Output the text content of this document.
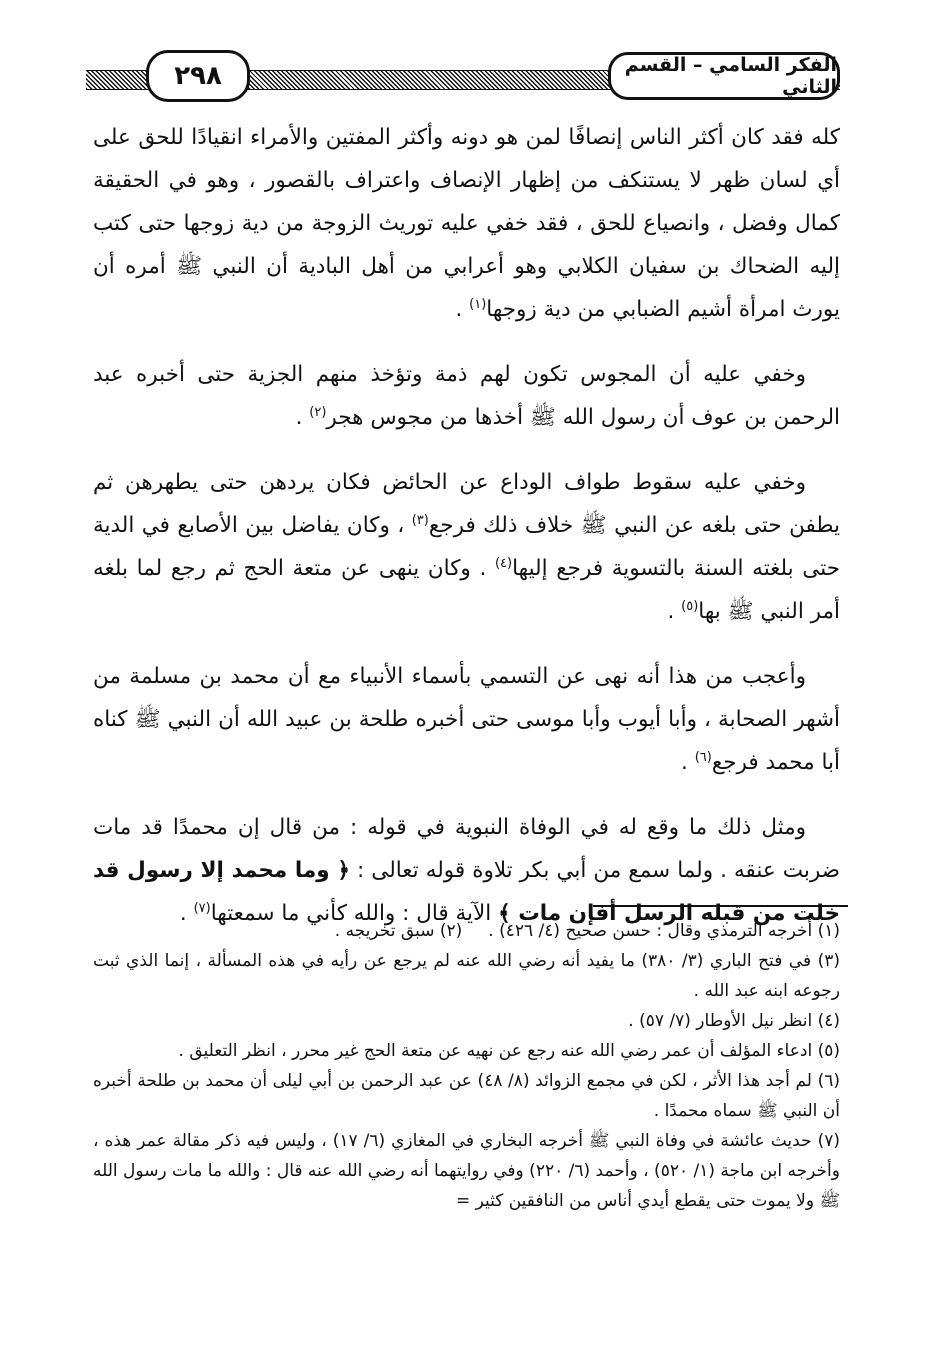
الفكر السامي – القسم الثاني
٢٩٨

كله فقد كان أكثر الناس إنصافًا لمن هو دونه وأكثر المفتين والأمراء انقيادًا للحق على أي لسان ظهر لا يستنكف من إظهار الإنصاف واعتراف بالقصور ، وهو في الحقيقة كمال وفضل ، وانصياع للحق ، فقد خفي عليه توريث الزوجة من دية زوجها حتى كتب إليه الضحاك بن سفيان الكلابي وهو أعرابي من أهل البادية أن النبي ﷺ أمره أن يورث امرأة أشيم الضبابي من دية زوجها$^{(١)}$ .

وخفي عليه أن المجوس تكون لهم ذمة وتؤخذ منهم الجزية حتى أخبره عبد الرحمن بن عوف أن رسول الله ﷺ أخذها من مجوس هجر$^{(٢)}$ .

وخفي عليه سقوط طواف الوداع عن الحائض فكان يردهن حتى يطهرهن ثم يطفن حتى بلغه عن النبي ﷺ خلاف ذلك فرجع$^{(٣)}$ ، وكان يفاضل بين الأصابع في الدية حتى بلغته السنة بالتسوية فرجع إليها$^{(٤)}$ . وكان ينهى عن متعة الحج ثم رجع لما بلغه أمر النبي ﷺ بها$^{(٥)}$ .

وأعجب من هذا أنه نهى عن التسمي بأسماء الأنبياء مع أن محمد بن مسلمة من أشهر الصحابة ، وأبا أيوب وأبا موسى حتى أخبره طلحة بن عبيد الله أن النبي ﷺ كناه أبا محمد فرجع$^{(٦)}$ .

ومثل ذلك ما وقع له في الوفاة النبوية في قوله : من قال إن محمدًا قد مات ضربت عنقه . ولما سمع من أبي بكر تلاوة قوله تعالى : ﴿ وما محمد إلا رسول قد خلت من قبله الرسل أفإن مات ﴾ الآية قال : والله كأني ما سمعتها$^{(٧)}$ .

(١) أخرجه الترمذي وقال : حسن صحيح (٤/ ٤٢٦) .
(٢) سبق تخريجه .

(٣) في فتح الباري (٣/ ٣٨٠) ما يفيد أنه رضي الله عنه لم يرجع عن رأيه في هذه المسألة ، إنما الذي ثبت رجوعه ابنه عبد الله .

(٤) انظر نيل الأوطار (٧/ ٥٧) .

(٥) ادعاء المؤلف أن عمر رضي الله عنه رجع عن نهيه عن متعة الحج غير محرر ، انظر التعليق .

(٦) لم أجد هذا الأثر ، لكن في مجمع الزوائد (٨/ ٤٨) عن عبد الرحمن بن أبي ليلى أن محمد بن طلحة أخبره أن النبي ﷺ سماه محمدًا .

(٧) حديث عائشة في وفاة النبي ﷺ أخرجه البخاري في المغازي (٦/ ١٧) ، وليس فيه ذكر مقالة عمر هذه ، وأخرجه ابن ماجة (١/ ٥٢٠) ، وأحمد (٦/ ٢٢٠) وفي روايتهما أنه رضي الله عنه قال : والله ما مات رسول الله ﷺ ولا يموت حتى يقطع أيدي أناس من النافقين كثير =
